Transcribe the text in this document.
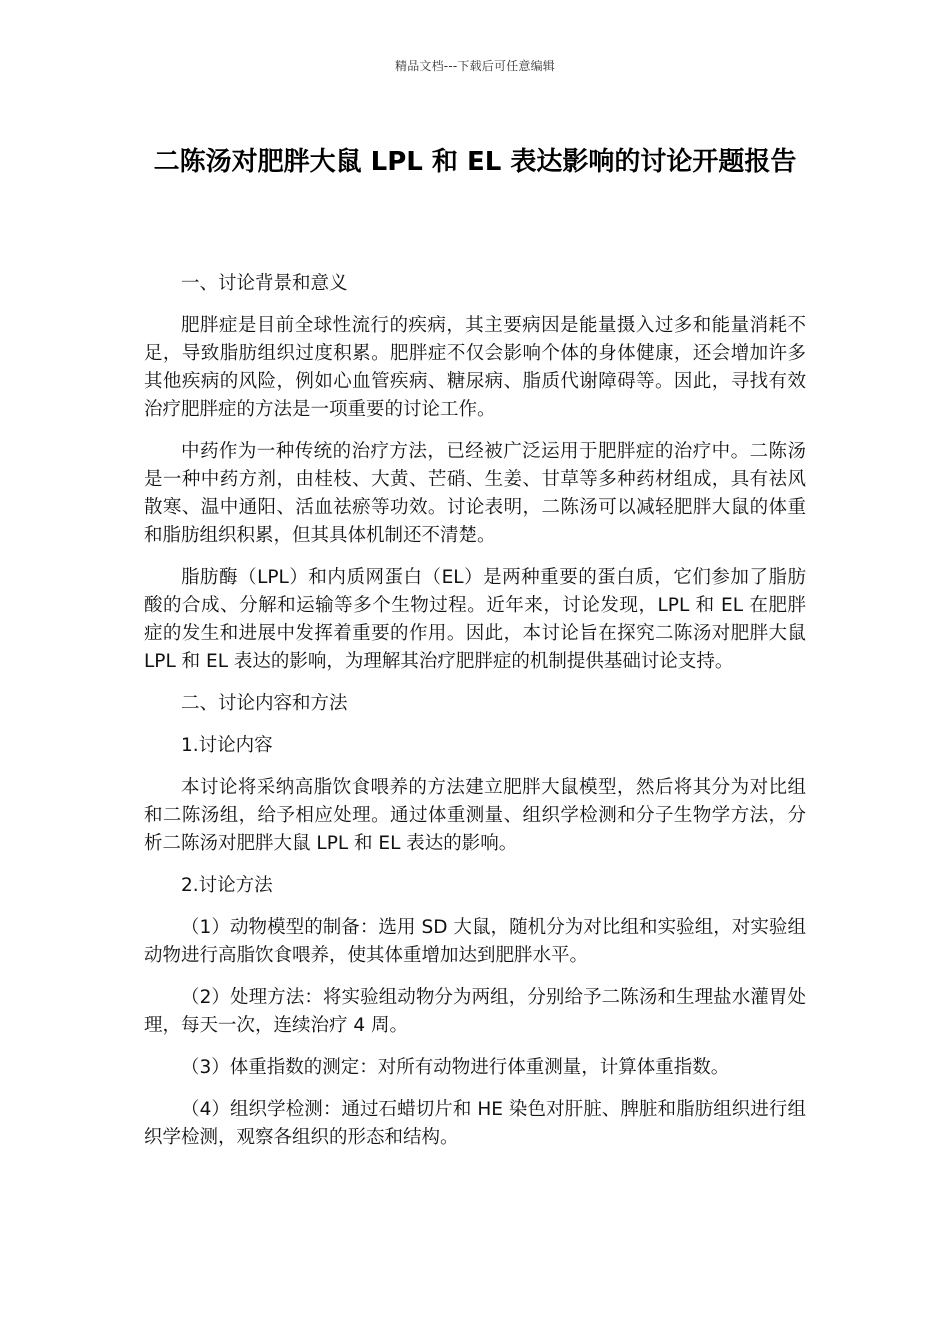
精品文档---下载后可任意编辑
二陈汤对肥胖大鼠 LPL 和 EL 表达影响的讨论开题报告

一、讨论背景和意义

肥胖症是目前全球性流行的疾病，其主要病因是能量摄入过多和能量消耗不足，导致脂肪组织过度积累。肥胖症不仅会影响个体的身体健康，还会增加许多其他疾病的风险，例如心血管疾病、糖尿病、脂质代谢障碍等。因此，寻找有效治疗肥胖症的方法是一项重要的讨论工作。

中药作为一种传统的治疗方法，已经被广泛运用于肥胖症的治疗中。二陈汤是一种中药方剂，由桂枝、大黄、芒硝、生姜、甘草等多种药材组成，具有祛风散寒、温中通阳、活血祛瘀等功效。讨论表明，二陈汤可以减轻肥胖大鼠的体重和脂肪组织积累，但其具体机制还不清楚。

脂肪酶（LPL）和内质网蛋白（EL）是两种重要的蛋白质，它们参加了脂肪酸的合成、分解和运输等多个生物过程。近年来，讨论发现，LPL 和 EL 在肥胖症的发生和进展中发挥着重要的作用。因此，本讨论旨在探究二陈汤对肥胖大鼠 LPL 和 EL 表达的影响，为理解其治疗肥胖症的机制提供基础讨论支持。

二、讨论内容和方法

1.讨论内容

本讨论将采纳高脂饮食喂养的方法建立肥胖大鼠模型，然后将其分为对比组和二陈汤组，给予相应处理。通过体重测量、组织学检测和分子生物学方法，分析二陈汤对肥胖大鼠 LPL 和 EL 表达的影响。

2.讨论方法

（1）动物模型的制备：选用 SD 大鼠，随机分为对比组和实验组，对实验组动物进行高脂饮食喂养，使其体重增加达到肥胖水平。

（2）处理方法：将实验组动物分为两组，分别给予二陈汤和生理盐水灌胃处理，每天一次，连续治疗 4 周。

（3）体重指数的测定：对所有动物进行体重测量，计算体重指数。

（4）组织学检测：通过石蜡切片和 HE 染色对肝脏、脾脏和脂肪组织进行组织学检测，观察各组织的形态和结构。
